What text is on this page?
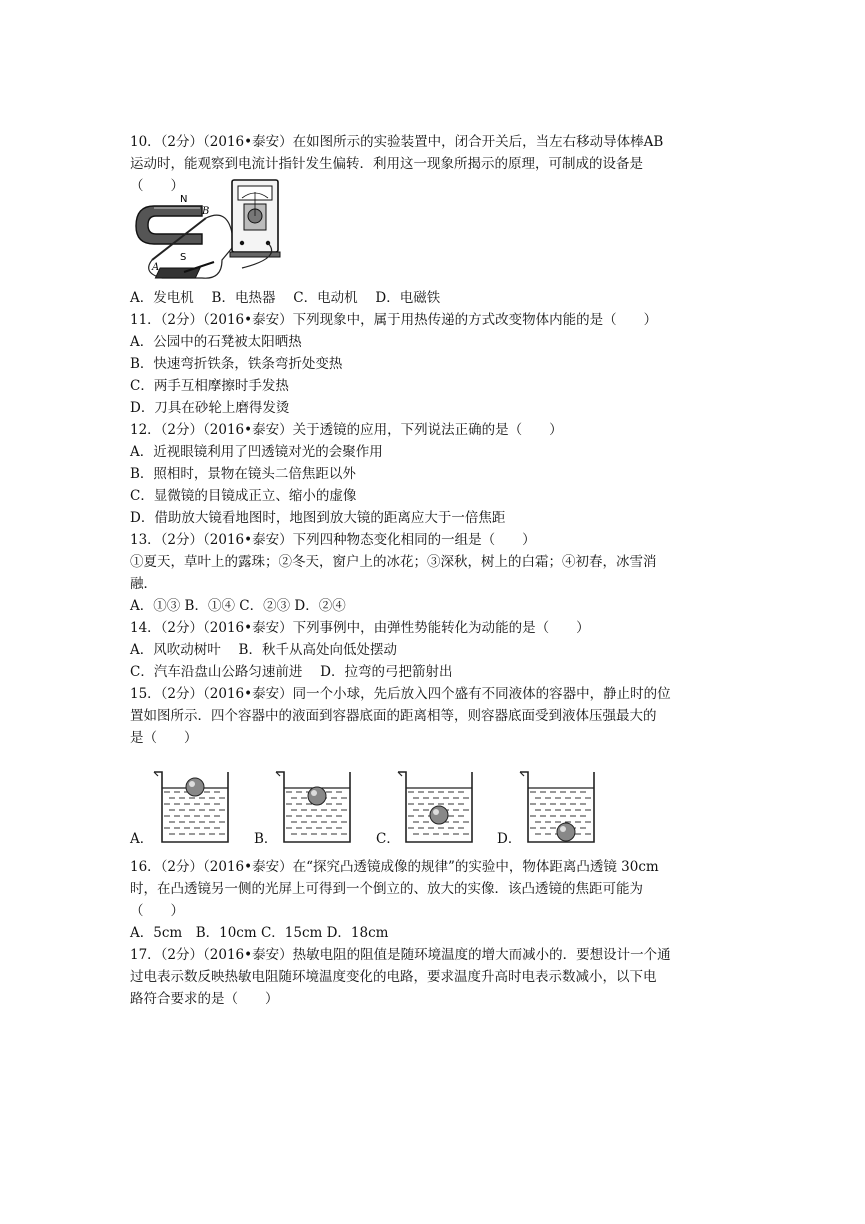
10．（2分）（2016•泰安）在如图所示的实验装置中，闭合开关后，当左右移动导体棒AB
运动时，能观察到电流计指针发生偏转．利用这一现象所揭示的原理，可制成的设备是
（　　）
N
S
A
B
A．发电机　 B．电热器　 C．电动机　 D．电磁铁
11．（2分）（2016•泰安）下列现象中，属于用热传递的方式改变物体内能的是（　　）
A．公园中的石凳被太阳晒热
B．快速弯折铁条，铁条弯折处变热
C．两手互相摩擦时手发热
D．刀具在砂轮上磨得发烫
12．（2分）（2016•泰安）关于透镜的应用，下列说法正确的是（　　）
A．近视眼镜利用了凹透镜对光的会聚作用
B．照相时，景物在镜头二倍焦距以外
C．显微镜的目镜成正立、缩小的虚像
D．借助放大镜看地图时，地图到放大镜的距离应大于一倍焦距
13．（2分）（2016•泰安）下列四种物态变化相同的一组是（　　）
①夏天，草叶上的露珠；②冬天，窗户上的冰花；③深秋，树上的白霜；④初春，冰雪消
融．
A．①③ B．①④ C．②③ D．②④
14．（2分）（2016•泰安）下列事例中，由弹性势能转化为动能的是（　　）
A．风吹动树叶　 B．秋千从高处向低处摆动
C．汽车沿盘山公路匀速前进　 D．拉弯的弓把箭射出
15．（2分）（2016•泰安）同一个小球，先后放入四个盛有不同液体的容器中，静止时的位
置如图所示．四个容器中的液面到容器底面的距离相等，则容器底面受到液体压强最大的
是（　　）
A．	B．	C．	D．
16．（2分）（2016•泰安）在“探究凸透镜成像的规律”的实验中，物体距离凸透镜 30cm
时，在凸透镜另一侧的光屏上可得到一个倒立的、放大的实像．该凸透镜的焦距可能为
（　　）
A．5cm　B．10cm C．15cm D．18cm
17．（2分）（2016•泰安）热敏电阻的阻值是随环境温度的增大而减小的．要想设计一个通
过电表示数反映热敏电阻随环境温度变化的电路，要求温度升高时电表示数减小，以下电
路符合要求的是（　　）
